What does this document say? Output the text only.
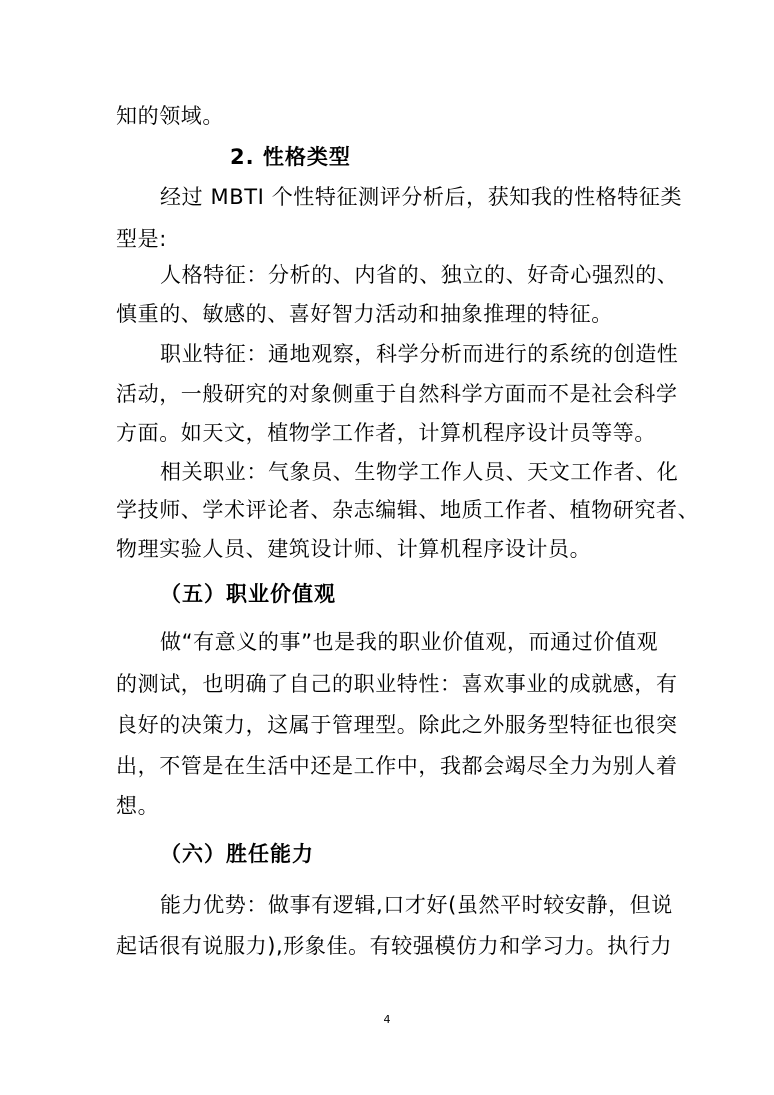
知的领域。
2. 性格类型
经过 MBTI 个性特征测评分析后，获知我的性格特征类
型是:
人格特征：分析的、内省的、独立的、好奇心强烈的、
慎重的、敏感的、喜好智力活动和抽象推理的特征。
职业特征：通地观察，科学分析而进行的系统的创造性
活动，一般研究的对象侧重于自然科学方面而不是社会科学
方面。如天文，植物学工作者，计算机程序设计员等等。
相关职业：气象员、生物学工作人员、天文工作者、化
学技师、学术评论者、杂志编辑、地质工作者、植物研究者、
物理实验人员、建筑设计师、计算机程序设计员。
（五）职业价值观
做“有意义的事”也是我的职业价值观，而通过价值观
的测试，也明确了自己的职业特性：喜欢事业的成就感，有
良好的决策力，这属于管理型。除此之外服务型特征也很突
出，不管是在生活中还是工作中，我都会竭尽全力为别人着
想。
（六）胜任能力
能力优势：做事有逻辑,口才好(虽然平时较安静，但说
起话很有说服力),形象佳。有较强模仿力和学习力。执行力
4
